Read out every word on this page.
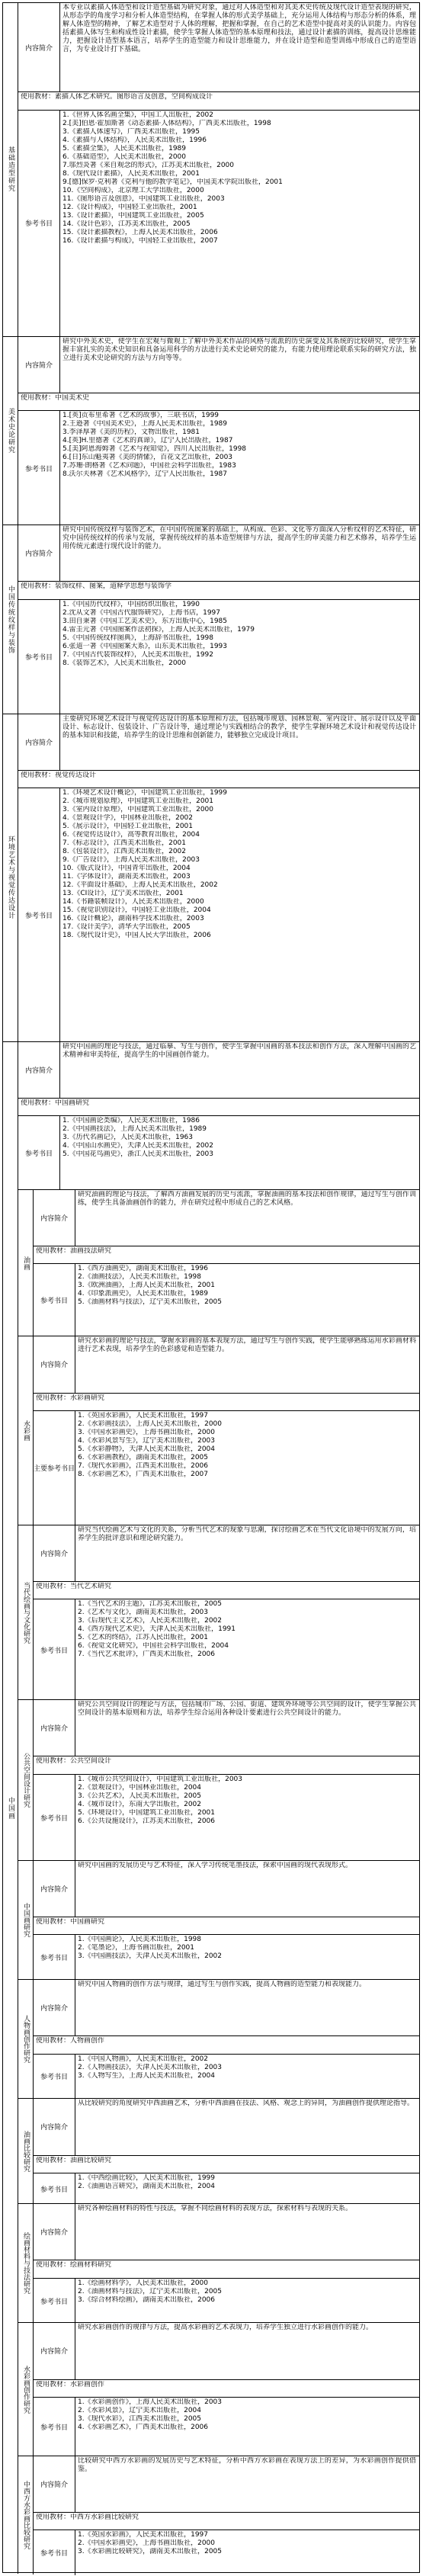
基础造型研究
内容简介
本专业以素描人体造型和设计造型基础为研究对象，通过对人体造型和对其美术史传统及现代设计造型表现的研究，从形态学的角度学习和分析人体造型结构，在掌握人体的形式美学基础上，充分运用人体结构与形态分析的体系，理解人体造型的精神，了解艺术造型对于人体的理解，把握和掌握，在自己的艺术造型中提高对美的认识能力。内容包括素描人体写生和构成性设计素描，使学生掌握人体造型的基本原理和技法，通过设计素描的训练，提高设计思维能力，把握设计造型基本语言，培养学生的造型能力和设计思维能力，并在设计造型和造型训练中形成自己的造型语言，为专业设计打下基础。
使用教材：素描人体艺术研究。图形语言及创意，空间构成设计
参考书目
1.《世界人体名画全集》，中国工人出版社，2002
2.[美]伯恩·霍加斯著《动态素描·人体结构》，广西美术出版社，1998
3.《素描人体速写》，广西美术出版社，1995
4.《素描与人体结构》，人民美术出版社，1996
5.《素描全集》，人民美术出版社，1989
6.《基础造型》，人民美术出版社，2000
7.邬烈炎著《来自观念的形式》，江苏美术出版社，2000
8.《现代设计素描》，人民美术出版社，2001
9.[德]保罗·克利著《克利与他的教学笔记》，中国美术学院出版社，2001
10.《空间构成》，北京理工大学出版社，2000
11.《图形语言及创意》，中国建筑工业出版社，2003
12.《设计构成》，中国轻工业出版社，2001
13.《设计素描》，中国建筑工业出版社，2005
14.《设计色彩》，江苏美术出版社，2005
15.《设计素描教程》，上海人民美术出版社，2006
16.《设计素描与构成》，中国轻工业出版社，2007
美术史论研究
内容简介
研究中外美术史，使学生在宏观与微观上了解中外美术作品的风格与流派的历史演变及其系统的比较研究，使学生掌握丰富扎实的美术史知识和具备运用科学的方法进行美术史论研究的能力，有能力使用理论联系实际的研究方法，独立进行美术史论研究的方法与方向等等。
使用教材：中国美术史
参考书目
1.[英]贡布里希著《艺术的故事》，三联书店，1999
2.王逊著《中国美术史》，上海人民美术出版社，1989
3.李泽厚著《美的历程》，文物出版社，1981
4.[英]H.里德著《艺术的真谛》，辽宁人民出版社，1987
5.[美]阿恩海姆著《艺术与视知觉》，四川人民出版社，1998
6.[日]东山魁夷著《美的情愫》，百花文艺出版社，2003
7.苏珊·朗格著《艺术问题》，中国社会科学出版社，1983
8.沃尔夫林著《艺术风格学》，辽宁人民出版社，1987
中国传统纹样与装饰
内容简介
研究中国传统纹样与装饰艺术，在中国传统图案的基础上，从构成、色彩、文化等方面深入分析纹样的艺术特征，研究中国传统纹样的传承与发展，掌握传统纹样的基本造型规律与方法，提高学生的审美能力和艺术修养，培养学生运用传统元素进行现代设计的能力。
使用教材：装饰纹样、图案，道释学思想与装饰学
参考书目
1.《中国历代纹样》，中国纺织出版社，1990
2.沈从文著《中国古代服饰研究》，上海书店，1997
3.田自秉著《中国工艺美术史》，东方出版中心，1985
4.雷圭元著《中国图案作法初探》，上海人民美术出版社，1979
5.《中国传统纹样图典》，上海辞书出版社，1998
6.张道一著《中国图案大系》，山东美术出版社，1993
7.《中国古代装饰纹样》，人民美术出版社，1992
8.《装饰艺术》，人民美术出版社，2000
环境艺术与视觉传达设计
内容简介
主要研究环境艺术设计与视觉传达设计的基本原理和方法，包括城市规划、园林景观、室内设计、展示设计以及平面设计、标志设计、包装设计、广告设计等，通过理论与实践相结合的教学，使学生掌握环境艺术设计和视觉传达设计的基本知识和技能，培养学生的设计思维和创新能力，能够独立完成设计项目。
使用教材：视觉传达设计
参考书目
1.《环境艺术设计概论》，中国建筑工业出版社，1999
2.《城市规划原理》，中国建筑工业出版社，2001
3.《室内设计原理》，中国建筑工业出版社，2000
4.《景观设计学》，中国林业出版社，2002
5.《展示设计》，中国轻工业出版社，2001
6.《视觉传达设计》，高等教育出版社，2004
7.《标志设计》，江西美术出版社，2001
8.《包装设计》，江西美术出版社，2002
9.《广告设计》，上海人民美术出版社，2003
10.《版式设计》，中国青年出版社，2004
11.《字体设计》，湖南美术出版社，2003
12.《平面设计基础》，上海人民美术出版社，2002
13.《CI设计》，辽宁美术出版社，2001
14.《书籍装帧设计》，人民美术出版社，2000
15.《视觉识别设计》，中国轻工业出版社，2004
16.《设计概论》，湖南科学技术出版社，2003
17.《设计美学》，清华大学出版社，2005
18.《现代设计史》，中国人民大学出版社，2006
中国画
内容简介
研究中国画的理论与技法，通过临摹、写生与创作，使学生掌握中国画的基本技法和创作方法，深入理解中国画的艺术精神和审美特征，提高学生的中国画创作能力。
使用教材：中国画研究
参考书目
1.《中国画论类编》，人民美术出版社，1986
2.《中国画技法》，上海人民美术出版社，1989
3.《历代名画记》，人民美术出版社，1963
4.《中国山水画史》，天津人民美术出版社，2002
5.《中国花鸟画史》，浙江人民美术出版社，2003
油画
内容简介
研究油画的理论与技法，了解西方油画发展的历史与流派，掌握油画的基本技法和创作规律，通过写生与创作训练，使学生具备油画创作的能力，并在研究过程中形成自己的艺术风格。
使用教材：油画技法研究
参考书目
1.《西方油画史》，湖南美术出版社，1996
2.《油画技法》，人民美术出版社，1998
3.《欧洲油画》，上海人民美术出版社，2001
4.《印象派画史》，人民美术出版社，1989
5.《油画材料与技法》，辽宁美术出版社，2005
水彩画
内容简介
研究水彩画的理论与技法，掌握水彩画的基本表现方法，通过写生与创作实践，使学生能够熟练运用水彩画材料进行艺术表现，培养学生的色彩感觉和造型能力。
使用教材：水彩画研究
主要参考书目
1.《英国水彩画》，人民美术出版社，1997
2.《水彩画技法》，上海人民美术出版社，2000
3.《中国水彩画史》，上海书画出版社，2000
4.《水彩风景写生》，辽宁美术出版社，2003
5.《水彩静物》，天津人民美术出版社，2004
6.《水彩画教程》，湖南美术出版社，2005
7.《现代水彩画》，江西美术出版社，2006
8.《水彩画艺术》，广西美术出版社，2007
当代绘画与文化研究
内容简介
研究当代绘画艺术与文化的关系，分析当代艺术的现象与思潮，探讨绘画艺术在当代文化语境中的发展方向，培养学生的批评意识和理论研究能力。
使用教材：当代艺术研究
参考书目
1.《当代艺术的主题》，江苏美术出版社，2005
2.《艺术与文化》，湖南美术出版社，2003
3.《后现代主义艺术》，人民美术出版社，2002
4.《西方现代艺术史》，天津人民美术出版社，1991
5.《艺术的终结》，江苏人民出版社，2001
6.《视觉文化研究》，中国社会科学出版社，2004
7.《当代艺术批评》，广西美术出版社，2006
公共空间设计研究
内容简介
研究公共空间设计的理论与方法，包括城市广场、公园、街道、建筑外环境等公共空间的设计，使学生掌握公共空间设计的基本原则和方法，培养学生综合运用各种设计要素进行公共空间设计的能力。
使用教材：公共空间设计
参考书目
1.《城市公共空间设计》，中国建筑工业出版社，2003
2.《景观设计》，中国林业出版社，2004
3.《公共艺术》，人民美术出版社，2005
4.《城市设计》，东南大学出版社，2002
5.《环境设计》，中国建筑工业出版社，2001
6.《公共设施设计》，江苏美术出版社，2006
中国画研究
内容简介
研究中国画的发展历史与艺术特征，深入学习传统笔墨技法，探索中国画的现代表现形式。
使用教材：中国画研究
参考书目
1.《中国画论》，人民美术出版社，1998
2.《笔墨论》，上海书画出版社，2001
3.《中国画技法》，天津人民美术出版社，2002
人物画创作研究
内容简介
研究中国人物画的创作方法与规律，通过写生与创作实践，提高人物画的造型能力和表现能力。
使用教材：人物画创作
参考书目
1.《中国人物画》，人民美术出版社，2002
2.《人物画技法》，天津人民美术出版社，2003
3.《人物写生》，上海人民美术出版社，2004
油画比较研究
内容简介
从比较研究的角度研究中西油画艺术，分析中西油画在技法、风格、观念上的异同，为油画创作提供理论指导。
使用教材：油画比较研究
参考书目
1.《中西绘画比较》，人民美术出版社，1999
2.《油画语言研究》，湖南美术出版社，2004
绘画材料与技法研究	内容简介
研究各种绘画材料的特性与技法，掌握不同绘画材料的表现方法，探索材料与表现的关系。
使用教材：绘画材料研究
参考书目
1.《绘画材料学》，人民美术出版社，2000
2.《油画材料与技法》，辽宁美术出版社，2005
3.《综合材料绘画》，湖南美术出版社，2006
水彩画创作研究
内容简介
研究水彩画创作的规律与方法，提高水彩画的艺术表现力，培养学生独立进行水彩画创作的能力。
使用教材：水彩画创作
参考书目
1.《水彩画创作》，上海人民美术出版社，2003
2.《水彩风景》，辽宁美术出版社，2004
3.《现代水彩》，江西美术出版社，2005
4.《水彩画艺术》，广西美术出版社，2006
中西方水彩画比较研究	内容简介
比较研究中西方水彩画的发展历史与艺术特征，分析中西方水彩画在表现方法上的差异，为水彩画创作提供借鉴。
使用教材：中西方水彩画比较研究
参考书目
1.《英国水彩画》，人民美术出版社，1997
2.《中国水彩画史》，上海书画出版社，2000
3.《水彩画比较研究》，湖南美术出版社，2005
